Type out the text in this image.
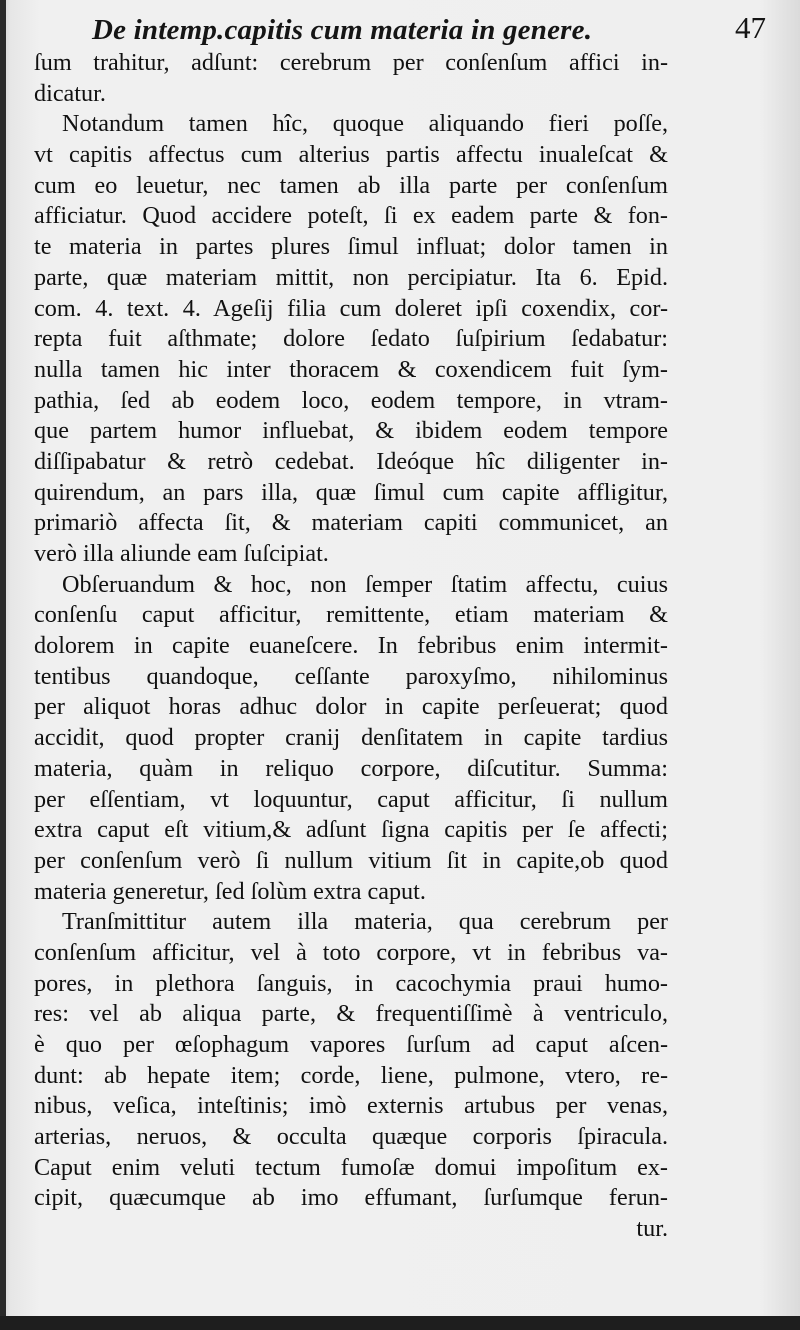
De intemp.capitis cum materia in genere.	47
ſum trahitur, adſunt: cerebrum per conſenſum affici in-
dicatur.
Notandum tamen hîc, quoque aliquando fieri poſſe,
vt capitis affectus cum alterius partis affectu inualeſcat &
cum eo leuetur, nec tamen ab illa parte per conſenſum
afficiatur. Quod accidere poteſt, ſi ex eadem parte & fon-
te materia in partes plures ſimul influat; dolor tamen in
parte, quæ materiam mittit, non percipiatur. Ita 6. Epid.
com. 4. text. 4. Ageſij filia cum doleret ipſi coxendix, cor-
repta fuit aſthmate; dolore ſedato ſuſpirium ſedabatur:
nulla tamen hic inter thoracem & coxendicem fuit ſym-
pathia, ſed ab eodem loco, eodem tempore, in vtram-
que partem humor influebat, & ibidem eodem tempore
diſſipabatur & retrò cedebat. Ideóque hîc diligenter in-
quirendum, an pars illa, quæ ſimul cum capite affligitur,
primariò affecta ſit, & materiam capiti communicet, an
verò illa aliunde eam ſuſcipiat.
Obſeruandum & hoc, non ſemper ſtatim affectu, cuius
conſenſu caput afficitur, remittente, etiam materiam &
dolorem in capite euaneſcere. In febribus enim intermit-
tentibus quandoque, ceſſante paroxyſmo, nihilominus
per aliquot horas adhuc dolor in capite perſeuerat; quod
accidit, quod propter cranij denſitatem in capite tardius
materia, quàm in reliquo corpore, diſcutitur. Summa:
per eſſentiam, vt loquuntur, caput afficitur, ſi nullum
extra caput eſt vitium,& adſunt ſigna capitis per ſe affecti;
per conſenſum verò ſi nullum vitium ſit in capite,ob quod
materia generetur, ſed ſolùm extra caput.
Tranſmittitur autem illa materia, qua cerebrum per
conſenſum afficitur, vel à toto corpore, vt in febribus va-
pores, in plethora ſanguis, in cacochymia praui humo-
res: vel ab aliqua parte, & frequentiſſimè à ventriculo,
è quo per œſophagum vapores ſurſum ad caput aſcen-
dunt: ab hepate item; corde, liene, pulmone, vtero, re-
nibus, veſica, inteſtinis; imò externis artubus per venas,
arterias, neruos, & occulta quæque corporis ſpiracula.
Caput enim veluti tectum fumoſæ domui impoſitum ex-
cipit, quæcumque ab imo effumant, ſurſumque ferun-
tur.
